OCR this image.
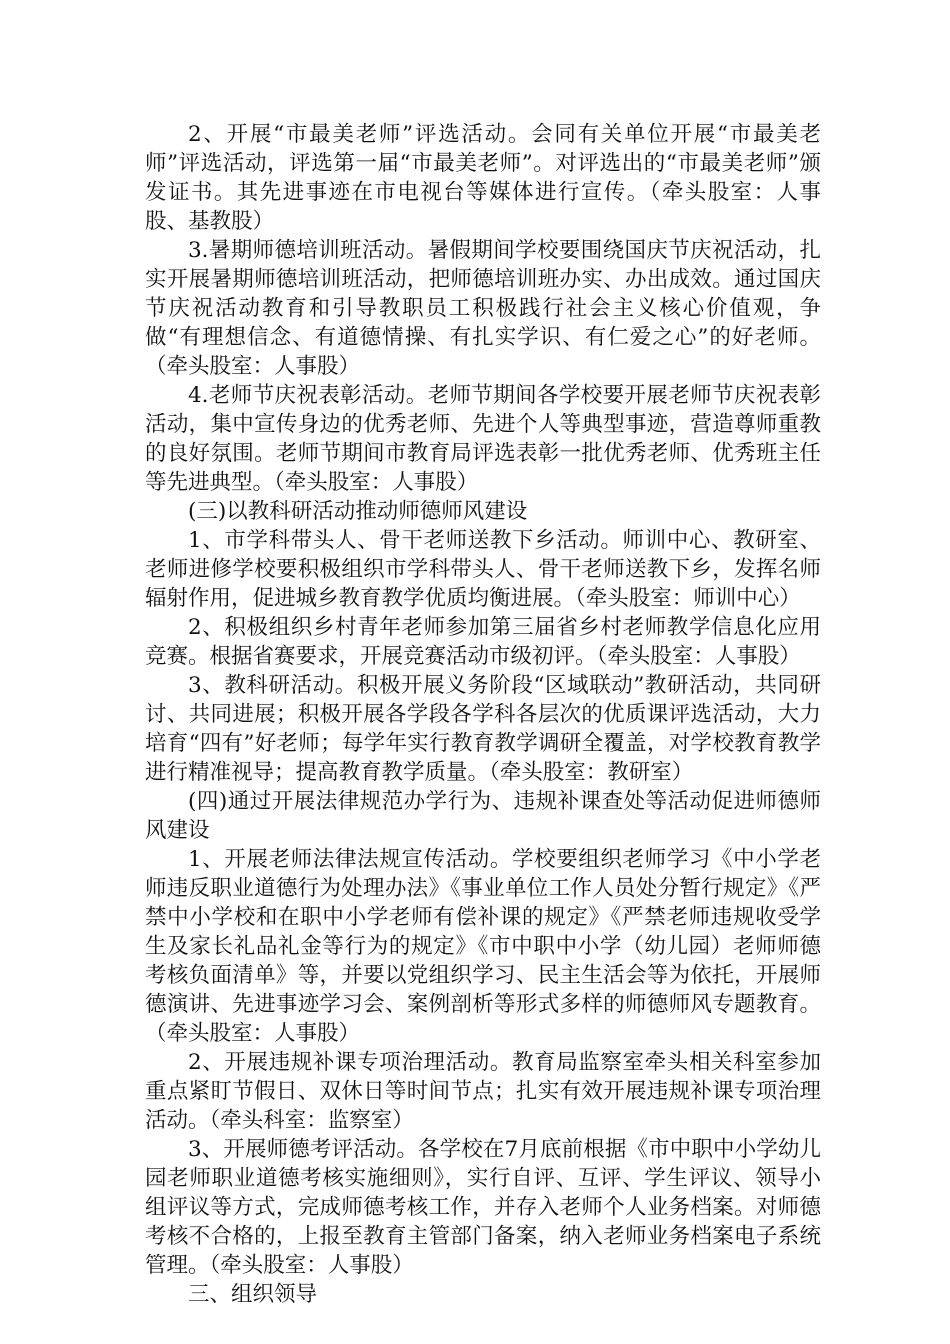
2、开展“市最美老师”评选活动。会同有关单位开展“市最美老师”评选活动，评选第一届“市最美老师”。对评选出的“市最美老师”颁发证书。其先进事迹在市电视台等媒体进行宣传。（牵头股室：人事股、基教股）

3.暑期师德培训班活动。暑假期间学校要围绕国庆节庆祝活动，扎实开展暑期师德培训班活动，把师德培训班办实、办出成效。通过国庆节庆祝活动教育和引导教职员工积极践行社会主义核心价值观，争做“有理想信念、有道德情操、有扎实学识、有仁爱之心”的好老师。（牵头股室：人事股）

4.老师节庆祝表彰活动。老师节期间各学校要开展老师节庆祝表彰活动，集中宣传身边的优秀老师、先进个人等典型事迹，营造尊师重教的良好氛围。老师节期间市教育局评选表彰一批优秀老师、优秀班主任等先进典型。（牵头股室：人事股）

(三)以教科研活动推动师德师风建设

1、市学科带头人、骨干老师送教下乡活动。师训中心、教研室、老师进修学校要积极组织市学科带头人、骨干老师送教下乡，发挥名师辐射作用，促进城乡教育教学优质均衡进展。（牵头股室：师训中心）

2、积极组织乡村青年老师参加第三届省乡村老师教学信息化应用竞赛。根据省赛要求，开展竞赛活动市级初评。（牵头股室：人事股）

3、教科研活动。积极开展义务阶段“区域联动”教研活动，共同研讨、共同进展；积极开展各学段各学科各层次的优质课评选活动，大力培育“四有”好老师；每学年实行教育教学调研全覆盖，对学校教育教学进行精准视导；提高教育教学质量。（牵头股室：教研室）

(四)通过开展法律规范办学行为、违规补课查处等活动促进师德师风建设

1、开展老师法律法规宣传活动。学校要组织老师学习《中小学老师违反职业道德行为处理办法》《事业单位工作人员处分暂行规定》《严禁中小学校和在职中小学老师有偿补课的规定》《严禁老师违规收受学生及家长礼品礼金等行为的规定》《市中职中小学（幼儿园）老师师德考核负面清单》等，并要以党组织学习、民主生活会等为依托，开展师德演讲、先进事迹学习会、案例剖析等形式多样的师德师风专题教育。（牵头股室：人事股）

2、开展违规补课专项治理活动。教育局监察室牵头相关科室参加重点紧盯节假日、双休日等时间节点；扎实有效开展违规补课专项治理活动。（牵头科室：监察室）

3、开展师德考评活动。各学校在7月底前根据《市中职中小学幼儿园老师职业道德考核实施细则》，实行自评、互评、学生评议、领导小组评议等方式，完成师德考核工作，并存入老师个人业务档案。对师德考核不合格的，上报至教育主管部门备案，纳入老师业务档案电子系统管理。（牵头股室：人事股）

三、组织领导
